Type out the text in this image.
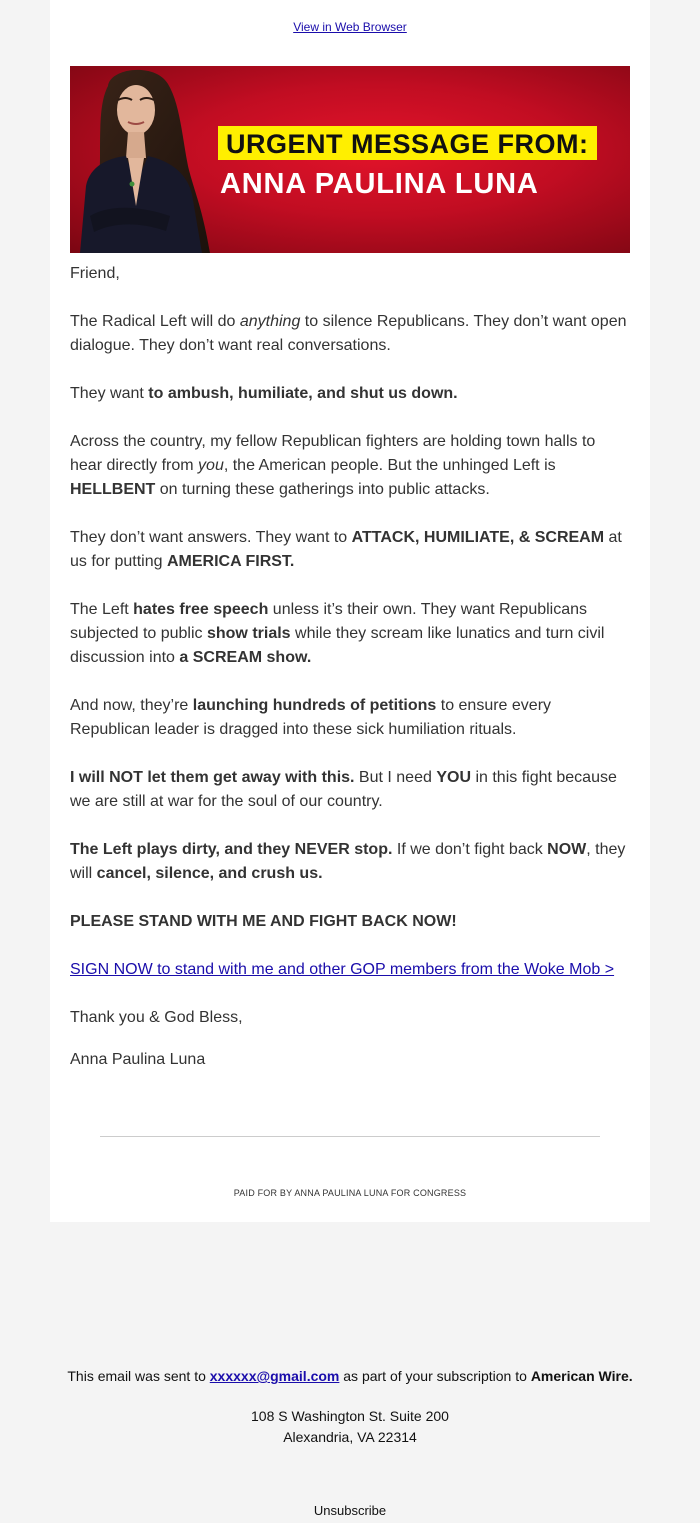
View in Web Browser
URGENT MESSAGE FROM:
ANNA PAULINA LUNA

Friend,

The Radical Left will do anything to silence Republicans. They don’t want open dialogue. They don’t want real conversations.

They want to ambush, humiliate, and shut us down.

Across the country, my fellow Republican fighters are holding town halls to hear directly from you, the American people. But the unhinged Left is HELLBENT on turning these gatherings into public attacks.

They don’t want answers. They want to ATTACK, HUMILIATE, & SCREAM at us for putting AMERICA FIRST.

The Left hates free speech unless it’s their own. They want Republicans subjected to public show trials while they scream like lunatics and turn civil discussion into a SCREAM show.

And now, they’re launching hundreds of petitions to ensure every Republican leader is dragged into these sick humiliation rituals.

I will NOT let them get away with this. But I need YOU in this fight because we are still at war for the soul of our country.

The Left plays dirty, and they NEVER stop. If we don’t fight back NOW, they will cancel, silence, and crush us.

PLEASE STAND WITH ME AND FIGHT BACK NOW!

SIGN NOW to stand with me and other GOP members from the Woke Mob >

Thank you & God Bless,

Anna Paulina Luna

PAID FOR BY ANNA PAULINA LUNA FOR CONGRESS
This email was sent to xxxxxx@gmail.com as part of your subscription to American Wire.
108 S Washington St. Suite 200
Alexandria, VA 22314
Unsubscribe
